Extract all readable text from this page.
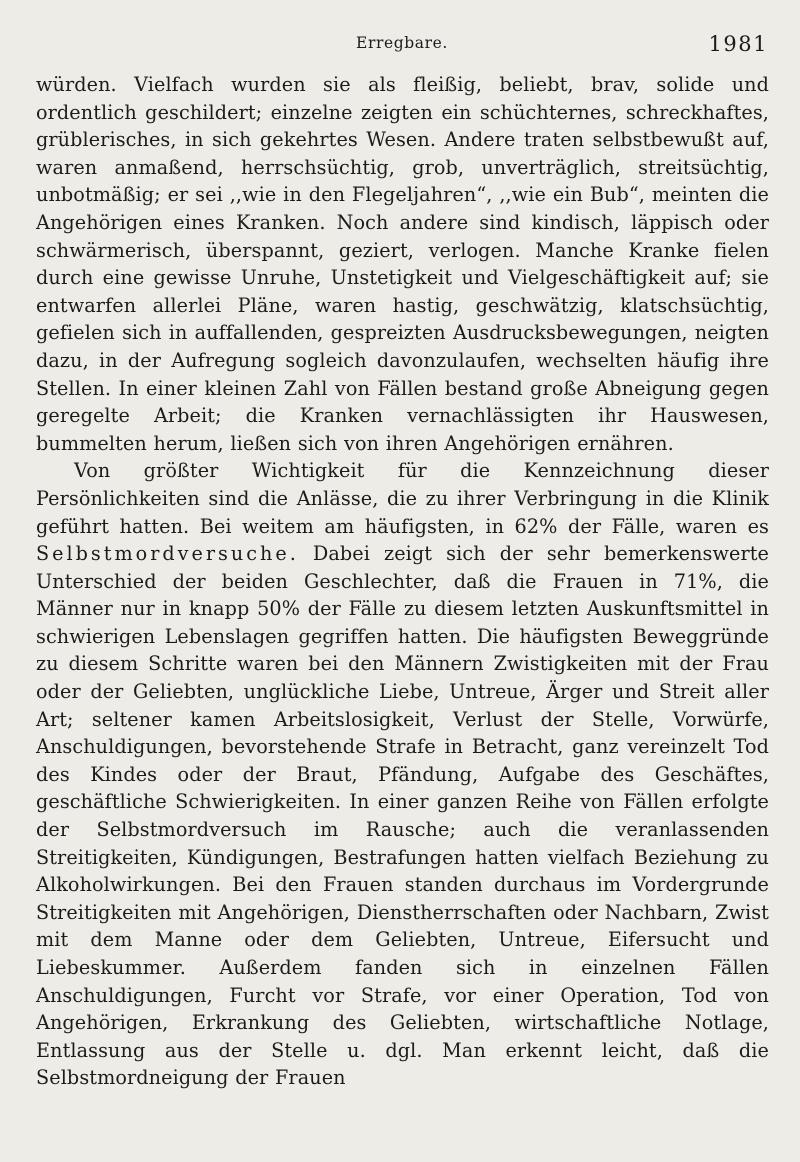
Erregbare.	1981

würden. Vielfach wurden sie als fleißig, beliebt, brav, solide und ordentlich geschildert; einzelne zeigten ein schüchternes, schreckhaftes, grüblerisches, in sich gekehrtes Wesen. Andere traten selbstbewußt auf, waren anmaßend, herrschsüchtig, grob, unverträglich, streitsüchtig, unbotmäßig; er sei ,,wie in den Flegeljahren“, ,,wie ein Bub“, meinten die Angehörigen eines Kranken. Noch andere sind kindisch, läppisch oder schwärmerisch, überspannt, geziert, verlogen. Manche Kranke fielen durch eine gewisse Unruhe, Unstetigkeit und Vielgeschäftigkeit auf; sie entwarfen allerlei Pläne, waren hastig, geschwätzig, klatschsüchtig, gefielen sich in auffallenden, gespreizten Ausdrucksbewegungen, neigten dazu, in der Aufregung sogleich davonzulaufen, wechselten häufig ihre Stellen. In einer kleinen Zahl von Fällen bestand große Abneigung gegen geregelte Arbeit; die Kranken vernachlässigten ihr Hauswesen, bummelten herum, ließen sich von ihren Angehörigen ernähren.

Von größter Wichtigkeit für die Kennzeichnung dieser Persönlichkeiten sind die Anlässe, die zu ihrer Verbringung in die Klinik geführt hatten. Bei weitem am häufigsten, in 62% der Fälle, waren es Selbstmordversuche. Dabei zeigt sich der sehr bemerkenswerte Unterschied der beiden Geschlechter, daß die Frauen in 71%, die Männer nur in knapp 50% der Fälle zu diesem letzten Auskunftsmittel in schwierigen Lebenslagen gegriffen hatten. Die häufigsten Beweggründe zu diesem Schritte waren bei den Männern Zwistigkeiten mit der Frau oder der Geliebten, unglückliche Liebe, Untreue, Ärger und Streit aller Art; seltener kamen Arbeitslosigkeit, Verlust der Stelle, Vorwürfe, Anschuldigungen, bevorstehende Strafe in Betracht, ganz vereinzelt Tod des Kindes oder der Braut, Pfändung, Aufgabe des Geschäftes, geschäftliche Schwierigkeiten. In einer ganzen Reihe von Fällen erfolgte der Selbstmordversuch im Rausche; auch die veranlassenden Streitigkeiten, Kündigungen, Bestrafungen hatten vielfach Beziehung zu Alkoholwirkungen. Bei den Frauen standen durchaus im Vordergrunde Streitigkeiten mit Angehörigen, Dienstherrschaften oder Nachbarn, Zwist mit dem Manne oder dem Geliebten, Untreue, Eifersucht und Liebeskummer. Außerdem fanden sich in einzelnen Fällen Anschuldigungen, Furcht vor Strafe, vor einer Operation, Tod von Angehörigen, Erkrankung des Geliebten, wirtschaftliche Notlage, Entlassung aus der Stelle u. dgl. Man erkennt leicht, daß die Selbstmordneigung der Frauen
